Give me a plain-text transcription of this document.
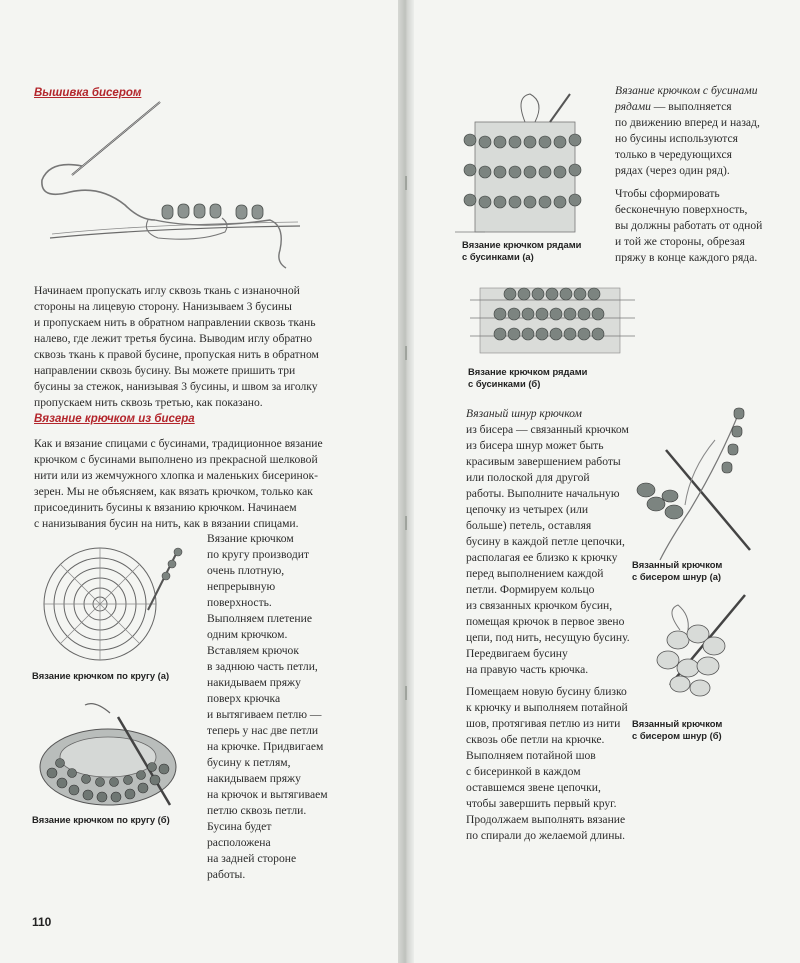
Вышивка бисером

Начинаем пропускать иглу сквозь ткань с изнаночной

стороны на лицевую сторону. Нанизываем 3 бусины

и пропускаем нить в обратном направлении сквозь ткань

налево, где лежит третья бусина. Выводим иглу обратно

сквозь ткань к правой бусине, пропуская нить в обратном

направлении сквозь бусину. Вы можете пришить три

бусины за стежок, нанизывая 3 бусины, и швом за иголку

пропускаем нить сквозь третью, как показано.

Вязание крючком из бисера

Как и вязание спицами с бусинами, традиционное вязание

крючком с бусинами выполнено из прекрасной шелковой

нити или из жемчужного хлопка и маленьких бисеринок-

зерен. Мы не объясняем, как вязать крючком, только как

присоединить бусины к вязанию крючком. Начинаем

с нанизывания бусин на нить, как в вязании спицами.

Вязание крючком по кругу (а)

Вязание крючком по кругу (б)

Вязание крючком

по кругу производит

очень плотную,

непрерывную

поверхность.

Выполняем плетение

одним крючком.

Вставляем крючок

в заднюю часть петли,

накидываем пряжу

поверх крючка

и вытягиваем петлю —

теперь у нас две петли

на крючке. Придвигаем

бусину к петлям,

накидываем пряжу

на крючок и вытягиваем

петлю сквозь петли.

Бусина будет

расположена

на задней стороне

работы.

110

Вязание крючком рядами

с бусинками (а)

Вязание крючком рядами

с бусинками (б)

Вязание крючком с бусинами

рядами — выполняется

по движению вперед и назад,

но бусины используются

только в чередующихся

рядах (через один ряд).

Чтобы сформировать

бесконечную поверхность,

вы должны работать от одной

и той же стороны, обрезая

пряжу в конце каждого ряда.

Вязаный шнур крючком

из бисера — связанный крючком

из бисера шнур может быть

красивым завершением работы

или полоской для другой

работы. Выполните начальную

цепочку из четырех (или

больше) петель, оставляя

бусину в каждой петле цепочки,

располагая ее близко к крючку

перед выполнением каждой

петли. Формируем кольцо

из связанных крючком бусин,

помещая крючок в первое звено

цепи, под нить, несущую бусину.

Передвигаем бусину

на правую часть крючка.

Помещаем новую бусину близко

к крючку и выполняем потайной

шов, протягивая петлю из нити

сквозь обе петли на крючке.

Выполняем потайной шов

с бисеринкой в каждом

оставшемся звене цепочки,

чтобы завершить первый круг.

Продолжаем выполнять вязание

по спирали до желаемой длины.

Вязанный крючком

с бисером шнур (а)

Вязанный крючком

с бисером шнур (б)
